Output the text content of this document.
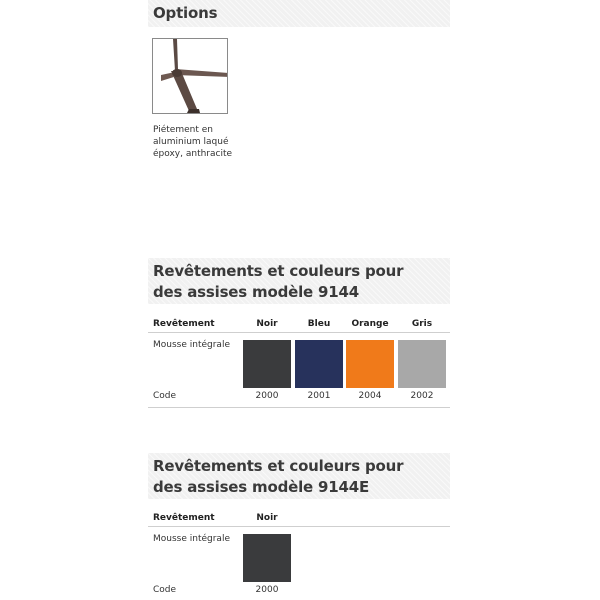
Options
Piétement en
aluminium laqué
époxy, anthracite
Revêtements et couleurs pour
des assises modèle 9144
Revêtement	Noir	Bleu	Orange	Gris
Mousse intégrale
Code	2000	2001	2004	2002
Revêtements et couleurs pour
des assises modèle 9144E
Revêtement	Noir
Mousse intégrale
Code	2000
